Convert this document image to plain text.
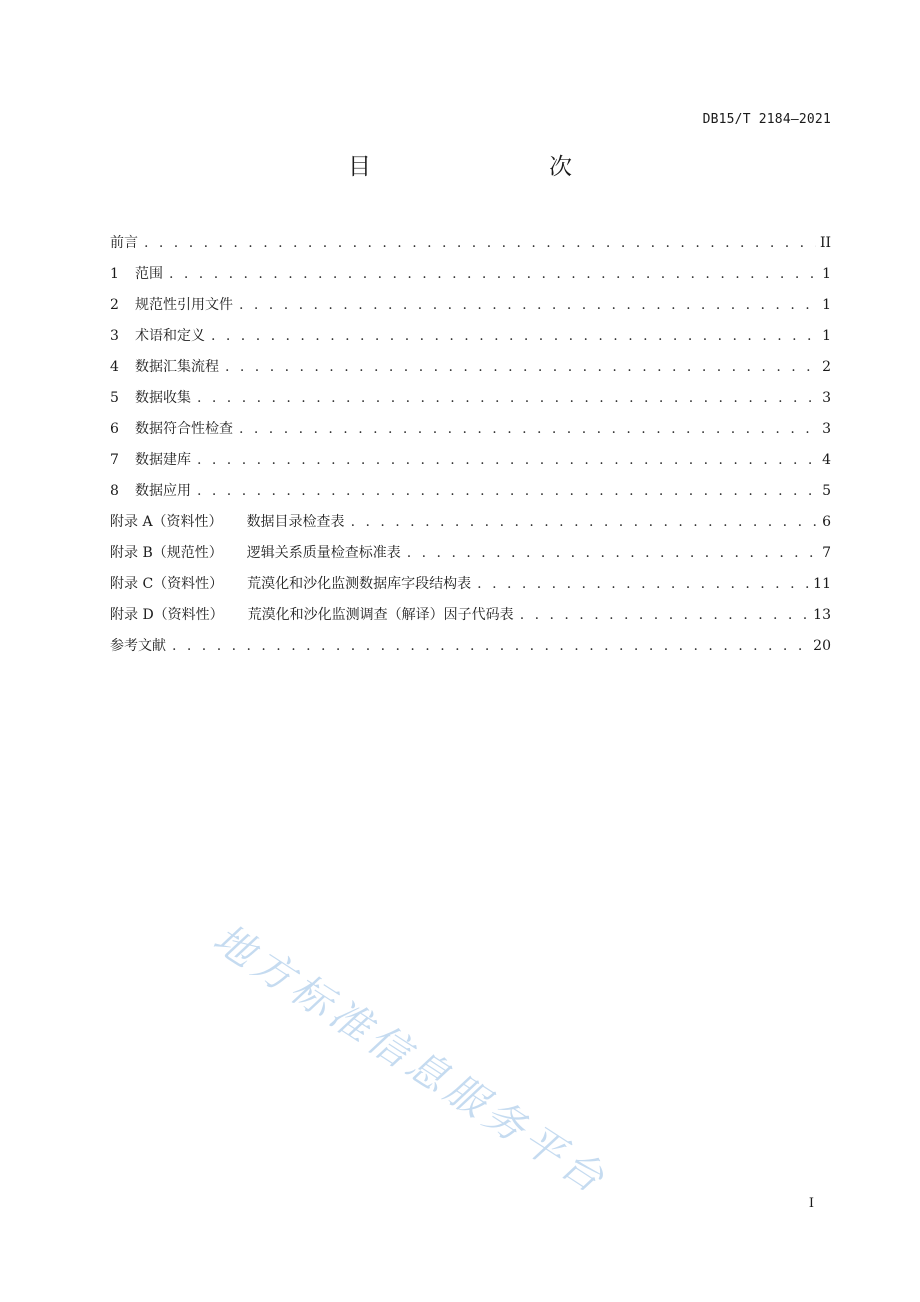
DB15/T 2184—2021
目　　次
前言 . . .	II
1	范围 . . .	1
2	规范性引用文件 . . .	1
3	术语和定义 . . .	1
4	数据汇集流程 . . .	2
5	数据收集 . . .	3
6	数据符合性检查 . . .	3
7	数据建库 . . .	4
8	数据应用 . . .	5
附录 A（资料性） 数据目录检查表 . . .	6
附录 B（规范性） 逻辑关系质量检查标准表 . . .	7
附录 C（资料性） 荒漠化和沙化监测数据库字段结构表 . . .	11
附录 D（资料性） 荒漠化和沙化监测调查（解译）因子代码表 . . .	13
参考文献 . . .	20
地方标准信息服务平台	I
